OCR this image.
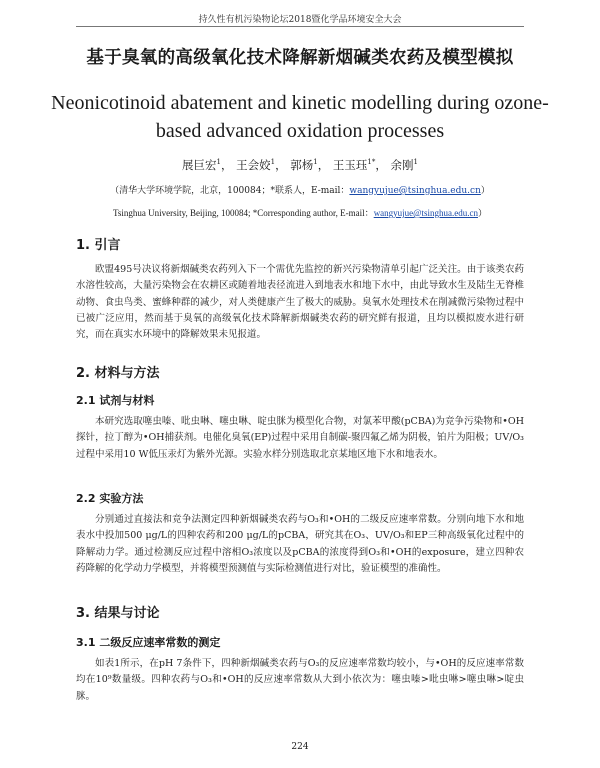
持久性有机污染物论坛2018暨化学品环境安全大会
基于臭氧的高级氧化技术降解新烟碱类农药及模型模拟
Neonicotinoid abatement and kinetic modelling during ozone-
based advanced oxidation processes
展巨宏$^1$， 王会姣$^1$， 郭杨$^1$， 王玉珏$^{1*}$， 余刚$^1$
（清华大学环境学院，北京，100084；*联系人，E-mail：wangyujue@tsinghua.edu.cn）
Tsinghua University, Beijing, 100084; *Corresponding author, E-mail：wangyujue@tsinghua.edu.cn）
1. 引言
欧盟495号决议将新烟碱类农药列入下一个需优先监控的新兴污染物清单引起广泛关注。由于该类农药水溶性较高，大量污染物会在农耕区或随着地表径流进入到地表水和地下水中，由此导致水生及陆生无脊椎动物、食虫鸟类、蜜蜂种群的减少，对人类健康产生了极大的威胁。臭氧水处理技术在削减微污染物过程中已被广泛应用，然而基于臭氧的高级氧化技术降解新烟碱类农药的研究鲜有报道，且均以模拟废水进行研究，而在真实水环境中的降解效果未见报道。
2. 材料与方法
2.1 试剂与材料
本研究选取噻虫嗪、吡虫啉、噻虫啉、啶虫脒为模型化合物，对氯苯甲酸(pCBA)为竞争污染物和•OH探针，拉丁醇为•OH捕获剂。电催化臭氧(EP)过程中采用自制碳-聚四氟乙烯为阴极，铂片为阳极；UV/O₃过程中采用10 W低压汞灯为紫外光源。实验水样分别选取北京某地区地下水和地表水。
2.2 实验方法
分别通过直接法和竞争法测定四种新烟碱类农药与O₃和•OH的二级反应速率常数。分别向地下水和地表水中投加500 μg/L的四种农药和200 μg/L的pCBA，研究其在O₃、UV/O₃和EP三种高级氧化过程中的降解动力学。通过检测反应过程中溶相O₃浓度以及pCBA的浓度得到O₃和•OH的exposure，建立四种农药降解的化学动力学模型，并将模型预测值与实际检测值进行对比，验证模型的准确性。
3. 结果与讨论
3.1 二级反应速率常数的测定
如表1所示，在pH 7条件下，四种新烟碱类农药与O₃的反应速率常数均较小，与•OH的反应速率常数均在10⁹数量级。四种农药与O₃和•OH的反应速率常数从大到小依次为：噻虫嗪>吡虫啉>噻虫啉>啶虫脒。
224
